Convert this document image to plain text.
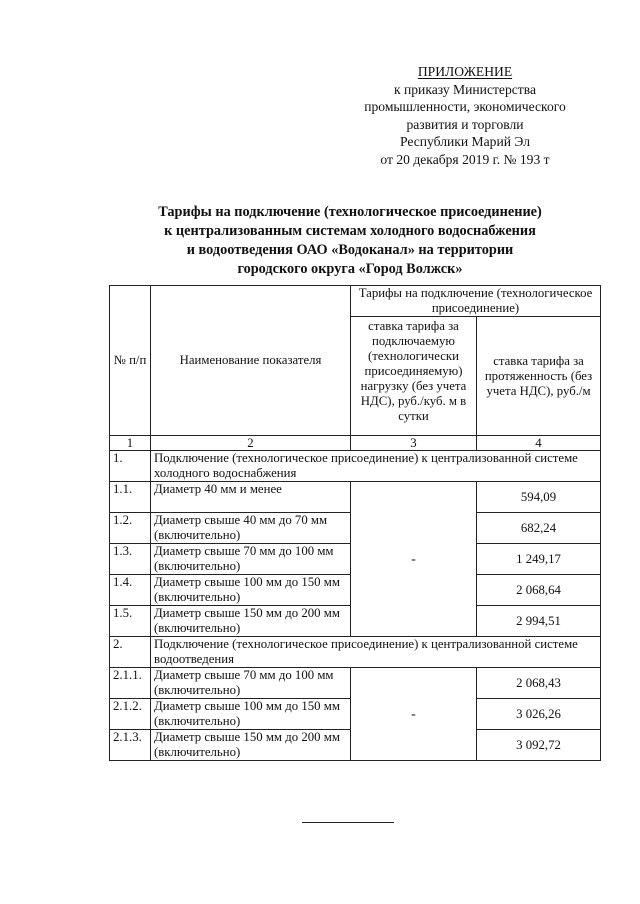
ПРИЛОЖЕНИЕ
к приказу Министерства
промышленности, экономического
развития и торговли
Республики Марий Эл
от 20 декабря 2019 г. № 193 т
Тарифы на подключение (технологическое присоединение)
к централизованным системам холодного водоснабжения
и водоотведения ОАО «Водоканал» на территории
городского округа «Город Волжск»
№ п/п	Наименование показателя	Тарифы на подключение (технологическое присоединение)	
		ставка тарифа за подключаемую (технологически присоединяемую) нагрузку (без учета НДС), руб./куб. м в сутки	ставка тарифа за протяженность (без учета НДС), руб./м
1	2	3	4
1.	Подключение (технологическое присоединение) к централизованной системе холодного водоснабжения		
1.1.	Диаметр 40 мм и менее	-	594,09
1.2.	Диаметр свыше 40 мм до 70 мм (включительно)		682,24
1.3.	Диаметр свыше 70 мм до 100 мм (включительно)		1 249,17
1.4.	Диаметр свыше 100 мм до 150 мм (включительно)		2 068,64
1.5.	Диаметр свыше 150 мм до 200 мм (включительно)		2 994,51
2.	Подключение (технологическое присоединение) к централизованной системе водоотведения		
2.1.1.	Диаметр свыше 70 мм до 100 мм (включительно)	-	2 068,43
2.1.2.	Диаметр свыше 100 мм до 150 мм (включительно)		3 026,26
2.1.3.	Диаметр свыше 150 мм до 200 мм (включительно)		3 092,72
